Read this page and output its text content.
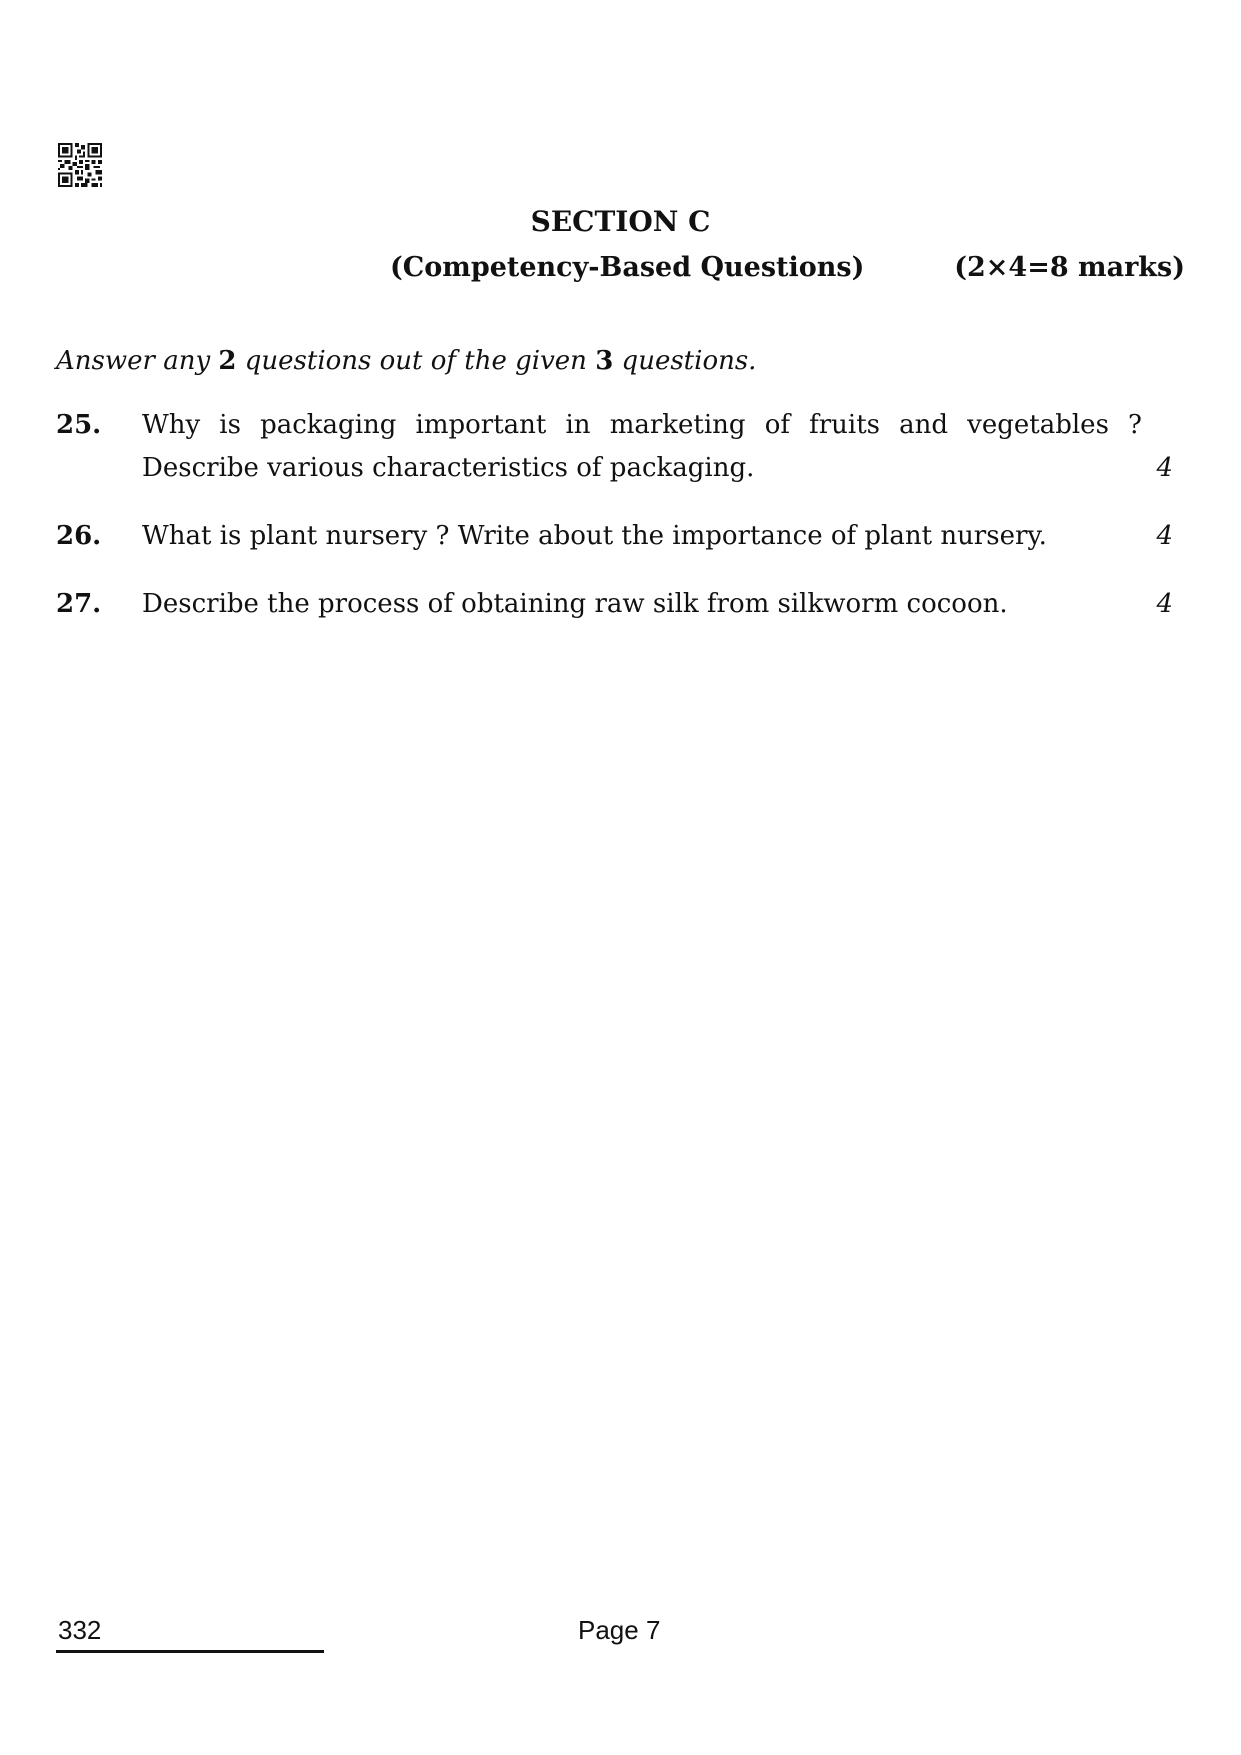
SECTION C
(Competency-Based Questions)	(2×4=8 marks)
Answer any 2 questions out of the given 3 questions.
25. Why is packaging important in marketing of fruits and vegetables ?
Describe various characteristics of packaging.	4
26. What is plant nursery ? Write about the importance of plant nursery.	4
27. Describe the process of obtaining raw silk from silkworm cocoon.	4
332	Page 7
